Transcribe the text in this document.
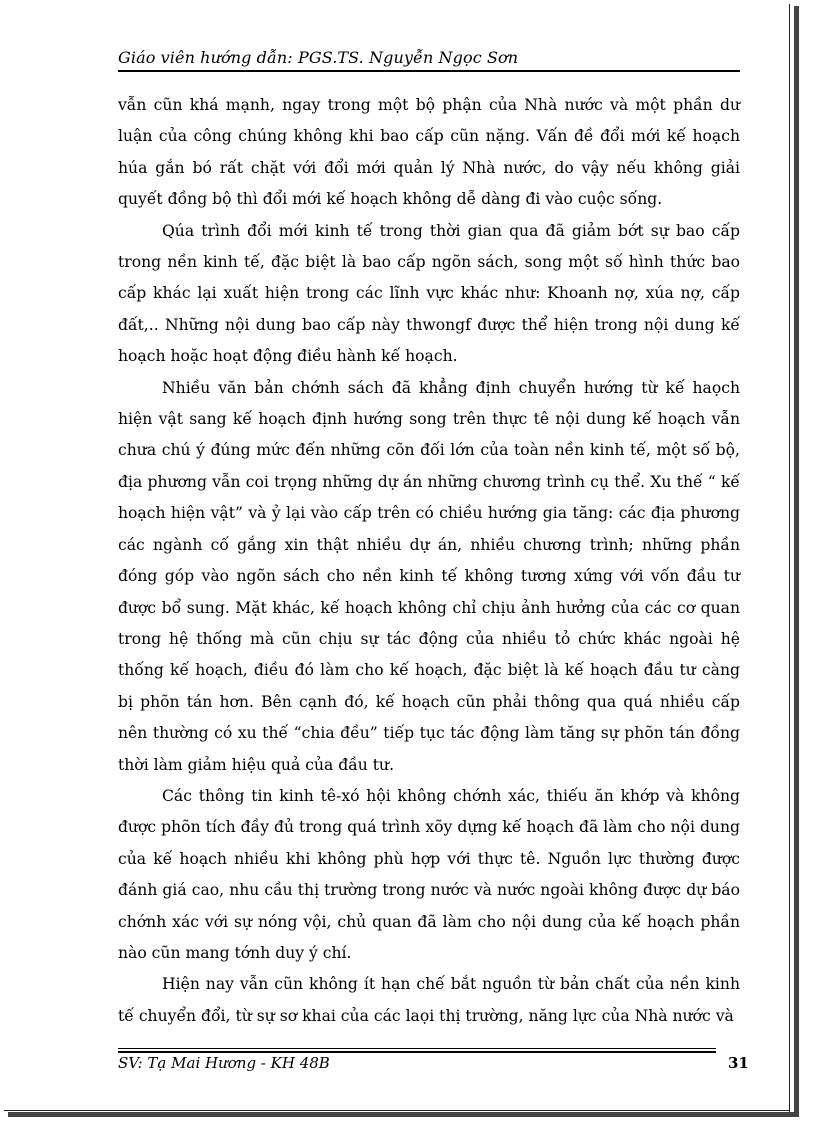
Giáo viên hướng dẫn: PGS.TS. Nguyễn Ngọc Sơn

vẫn cũn khá mạnh, ngay trong một bộ phận của Nhà nước và một phần dư luận của công chúng không khi bao cấp cũn nặng. Vấn đề đổi mới kế hoạch húa gắn bó rất chặt với đổi mới quản lý Nhà nước, do vậy nếu không giải quyết đồng bộ thì đổi mới kế hoạch không dễ dàng đi vào cuộc sống.

Qúa trình đổi mới kinh tế trong thời gian qua đã giảm bớt sự bao cấp trong nền kinh tế, đặc biệt là bao cấp ngõn sách, song một số hình thức bao cấp khác lại xuất hiện trong các lĩnh vực khác như: Khoanh nợ, xúa nợ, cấp đất,.. Những nội dung bao cấp này thwongf được thể hiện trong nội dung kế hoạch hoặc hoạt động điều hành kế hoạch.

Nhiều văn bản chớnh sách đã khẳng định chuyển hướng từ kế haọch hiện vật sang kế hoạch định hướng song trên thực tê nội dung kế hoạch vẫn chưa chú ý đúng mức đến những cõn đối lớn của toàn nền kinh tế, một số bộ, địa phương vẫn coi trọng những dự án những chương trình cụ thể. Xu thế “ kế hoạch hiện vật” và ỷ lại vào cấp trên có chiều hướng gia tăng: các địa phương các ngành cố gắng xin thật nhiều dự án, nhiều chương trình; những phần đóng góp vào ngõn sách cho nền kinh tế không tương xứng với vốn đầu tư được bổ sung. Mặt khác, kế hoạch không chỉ chịu ảnh hưởng của các cơ quan trong hệ thống mà cũn chịu sự tác động của nhiều tỏ chức khác ngoài hệ thống kế hoạch, điều đó làm cho kế hoạch, đặc biệt là kế hoạch đầu tư càng bị phõn tán hơn. Bên cạnh đó, kế hoạch cũn phải thông qua quá nhiều cấp nên thường có xu thế “chia đều” tiếp tục tác động làm tăng sự phõn tán đồng thời làm giảm hiệu quả của đầu tư.

Các thông tin kinh tê-xó hội không chớnh xác, thiếu ăn khớp và không được phõn tích đầy đủ trong quá trình xõy dựng kế hoạch đã làm cho nội dung của kế hoạch nhiều khi không phù hợp với thực tê. Nguồn lực thường được đánh giá cao, nhu cầu thị trường trong nước và nước ngoài không được dự báo chớnh xác với sự nóng vội, chủ quan đã làm cho nội dung của kế hoạch phần nào cũn mang tớnh duy ý chí.

Hiện nay vẫn cũn không ít hạn chế bắt nguồn từ bản chất của nền kinh tế chuyển đổi, từ sự sơ khai của các laọi thị trường, năng lực của Nhà nước và

SV: Tạ Mai Hương - KH 48B	31
